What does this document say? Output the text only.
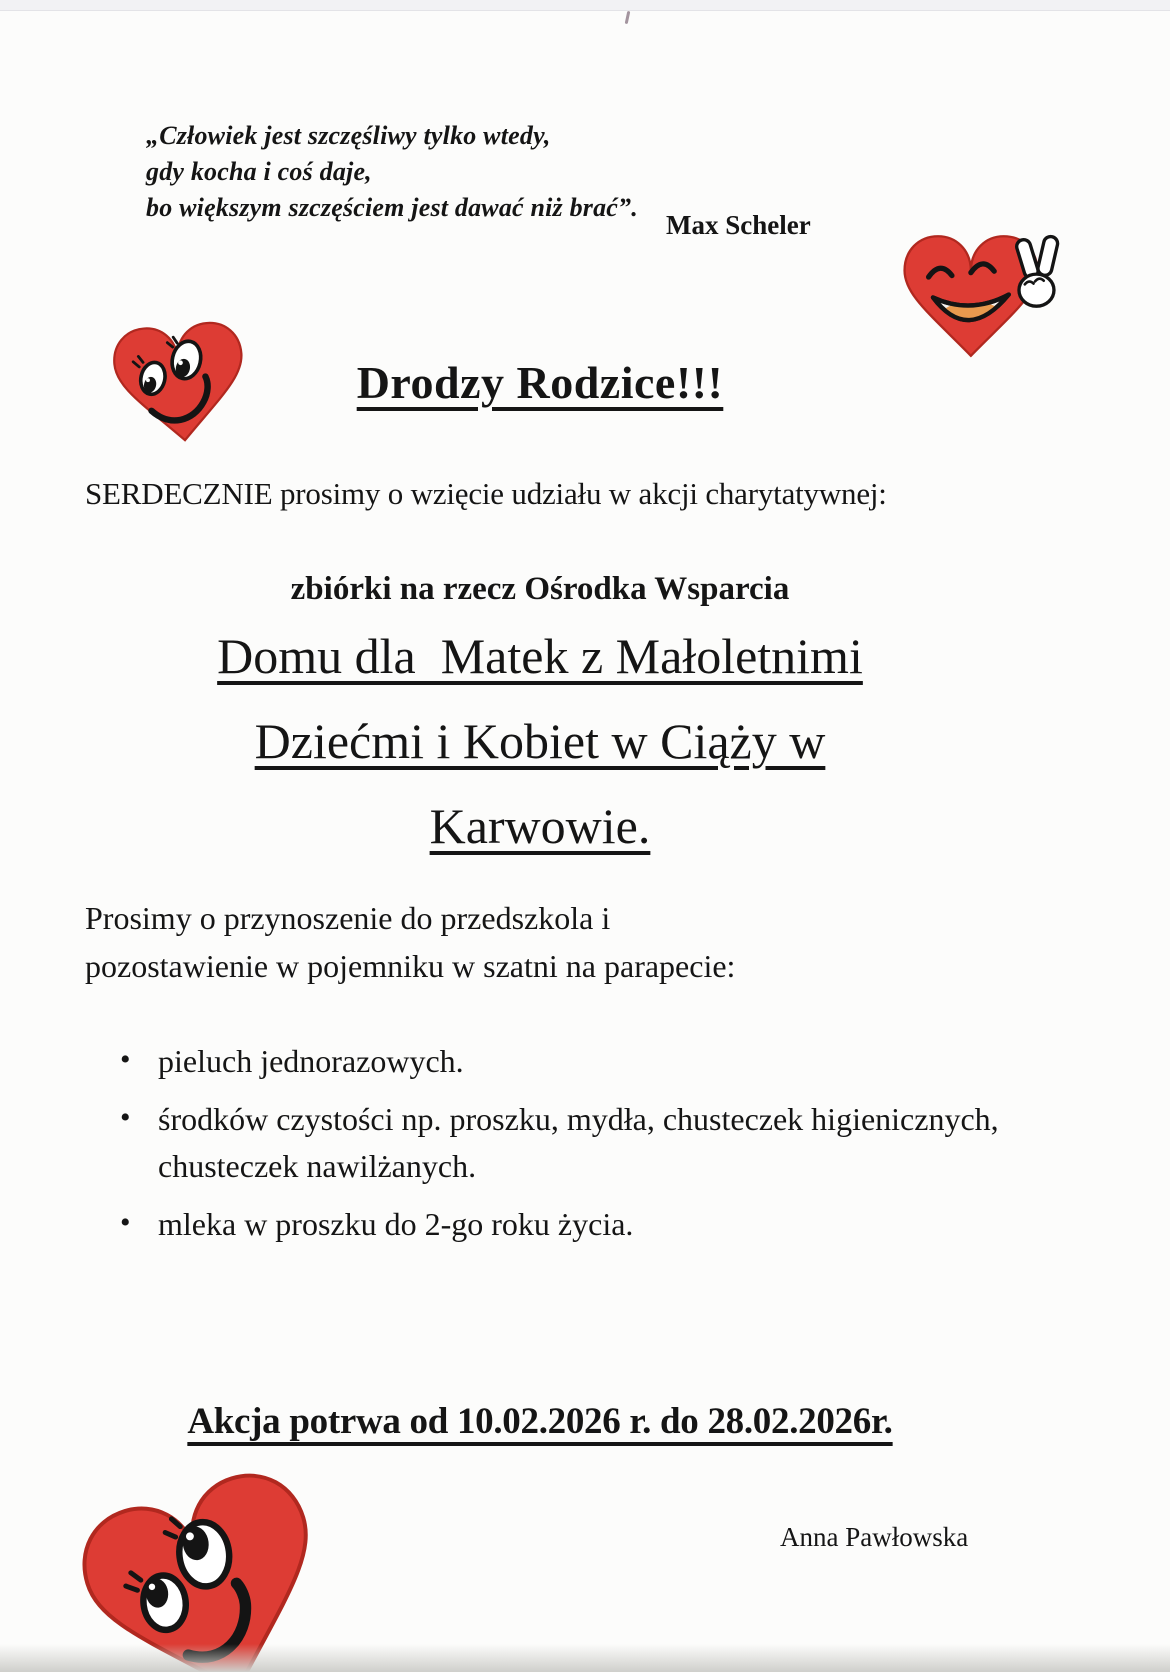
„Człowiek jest szczęśliwy tylko wtedy,
gdy kocha i coś daje,
bo większym szczęściem jest dawać niż brać”.
Max Scheler
Drodzy Rodzice!!!
SERDECZNIE prosimy o wzięcie udziału w akcji charytatywnej:
zbiórki na rzecz Ośrodka Wsparcia
Domu dla  Matek z Małoletnimi
Dziećmi i Kobiet w Ciąży w
Karwowie.
Prosimy o przynoszenie do przedszkola i
pozostawienie w pojemniku w szatni na parapecie:
• pieluch jednorazowych.
• środków czystości np. proszku, mydła, chusteczek higienicznych, chusteczek nawilżanych.
• mleka w proszku do 2-go roku życia.
Akcja potrwa od 10.02.2026 r. do 28.02.2026r.
Anna Pawłowska
